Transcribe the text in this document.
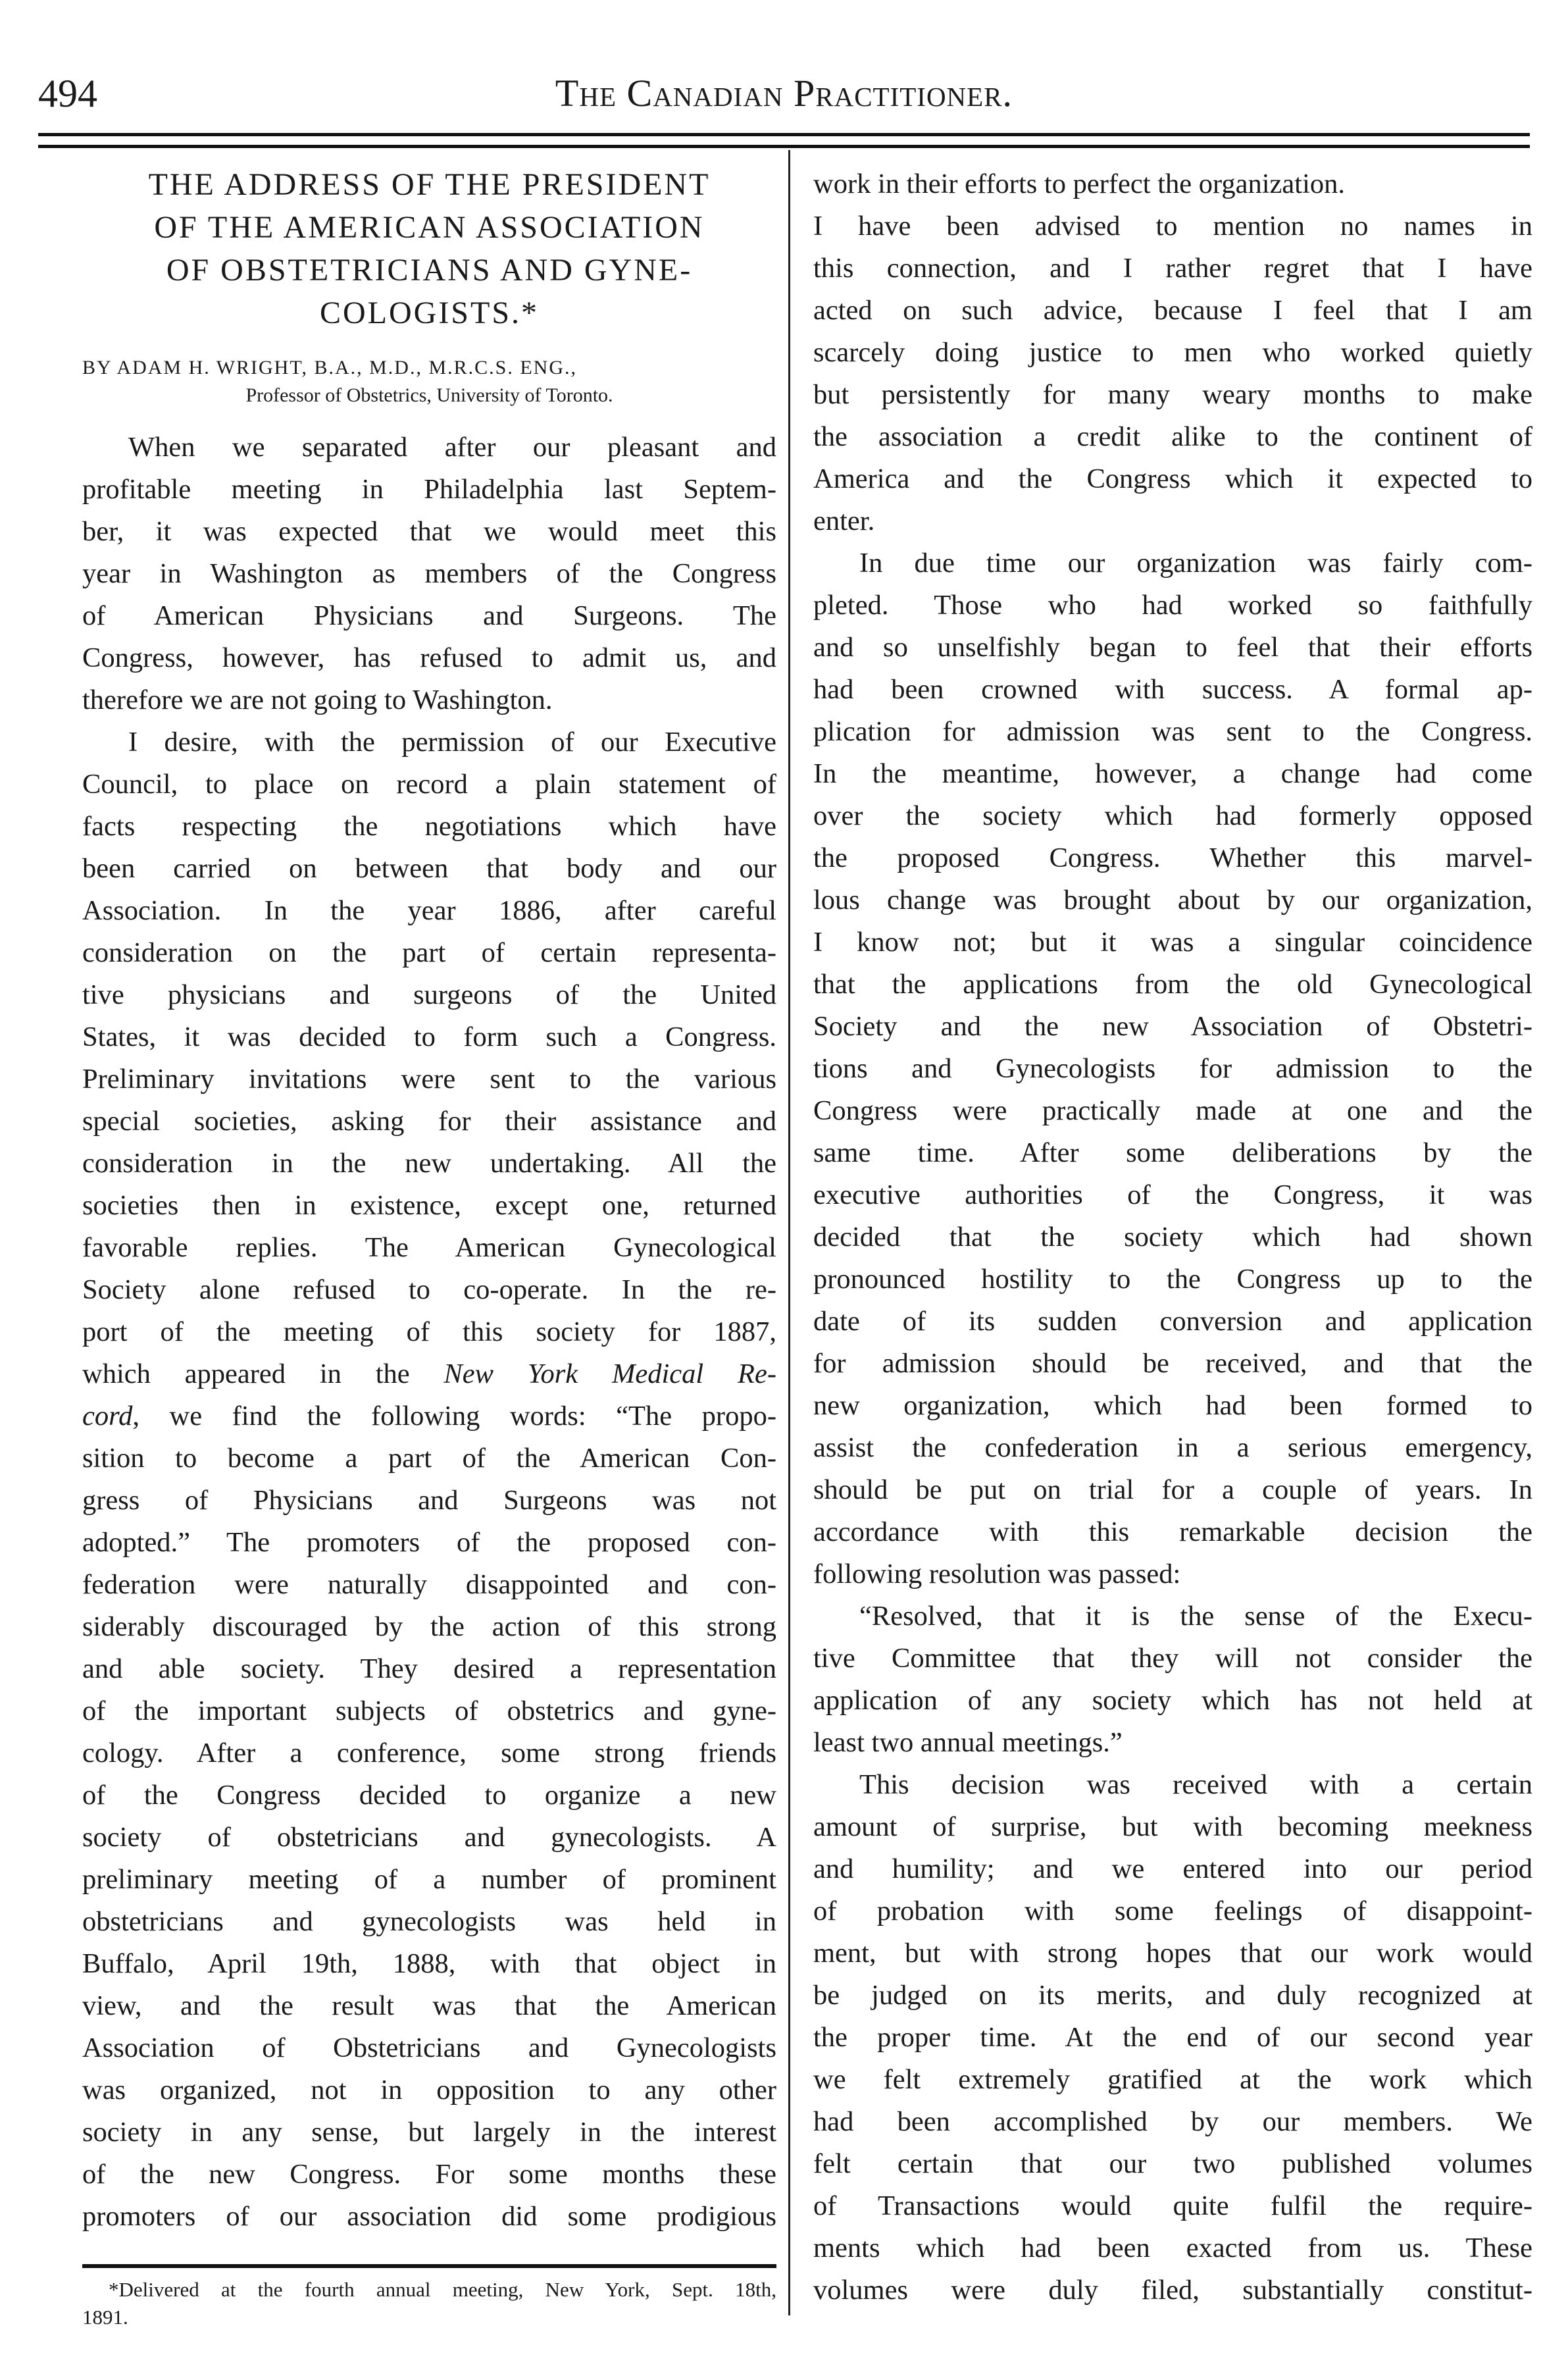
494	The Canadian Practitioner.
THE ADDRESS OF THE PRESIDENT
OF THE AMERICAN ASSOCIATION
OF OBSTETRICIANS AND GYNE-
COLOGISTS.*
BY ADAM H. WRIGHT, B.A., M.D., M.R.C.S. ENG.,
Professor of Obstetrics, University of Toronto.
When we separated after our pleasant and
profitable meeting in Philadelphia last Septem-
ber, it was expected that we would meet this
year in Washington as members of the Congress
of American Physicians and Surgeons. The
Congress, however, has refused to admit us, and
therefore we are not going to Washington.
I desire, with the permission of our Executive
Council, to place on record a plain statement of
facts respecting the negotiations which have
been carried on between that body and our
Association. In the year 1886, after careful
consideration on the part of certain representa-
tive physicians and surgeons of the United
States, it was decided to form such a Congress.
Preliminary invitations were sent to the various
special societies, asking for their assistance and
consideration in the new undertaking. All the
societies then in existence, except one, returned
favorable replies. The American Gynecological
Society alone refused to co-operate. In the re-
port of the meeting of this society for 1887,
which appeared in the New York Medical Re-
cord, we find the following words: “The propo-
sition to become a part of the American Con-
gress of Physicians and Surgeons was not
adopted.” The promoters of the proposed con-
federation were naturally disappointed and con-
siderably discouraged by the action of this strong
and able society. They desired a representation
of the important subjects of obstetrics and gyne-
cology. After a conference, some strong friends
of the Congress decided to organize a new
society of obstetricians and gynecologists. A
preliminary meeting of a number of prominent
obstetricians and gynecologists was held in
Buffalo, April 19th, 1888, with that object in
view, and the result was that the American
Association of Obstetricians and Gynecologists
was organized, not in opposition to any other
society in any sense, but largely in the interest
of the new Congress. For some months these
promoters of our association did some prodigious
*Delivered at the fourth annual meeting, New York, Sept. 18th,
1891.
work in their efforts to perfect the organization.
I have been advised to mention no names in
this connection, and I rather regret that I have
acted on such advice, because I feel that I am
scarcely doing justice to men who worked quietly
but persistently for many weary months to make
the association a credit alike to the continent of
America and the Congress which it expected to
enter.
In due time our organization was fairly com-
pleted. Those who had worked so faithfully
and so unselfishly began to feel that their efforts
had been crowned with success. A formal ap-
plication for admission was sent to the Congress.
In the meantime, however, a change had come
over the society which had formerly opposed
the proposed Congress. Whether this marvel-
lous change was brought about by our organization,
I know not; but it was a singular coincidence
that the applications from the old Gynecological
Society and the new Association of Obstetri-
tions and Gynecologists for admission to the
Congress were practically made at one and the
same time. After some deliberations by the
executive authorities of the Congress, it was
decided that the society which had shown
pronounced hostility to the Congress up to the
date of its sudden conversion and application
for admission should be received, and that the
new organization, which had been formed to
assist the confederation in a serious emergency,
should be put on trial for a couple of years. In
accordance with this remarkable decision the
following resolution was passed:
“Resolved, that it is the sense of the Execu-
tive Committee that they will not consider the
application of any society which has not held at
least two annual meetings.”
This decision was received with a certain
amount of surprise, but with becoming meekness
and humility; and we entered into our period
of probation with some feelings of disappoint-
ment, but with strong hopes that our work would
be judged on its merits, and duly recognized at
the proper time. At the end of our second year
we felt extremely gratified at the work which
had been accomplished by our members. We
felt certain that our two published volumes
of Transactions would quite fulfil the require-
ments which had been exacted from us. These
volumes were duly filed, substantially constitut-
